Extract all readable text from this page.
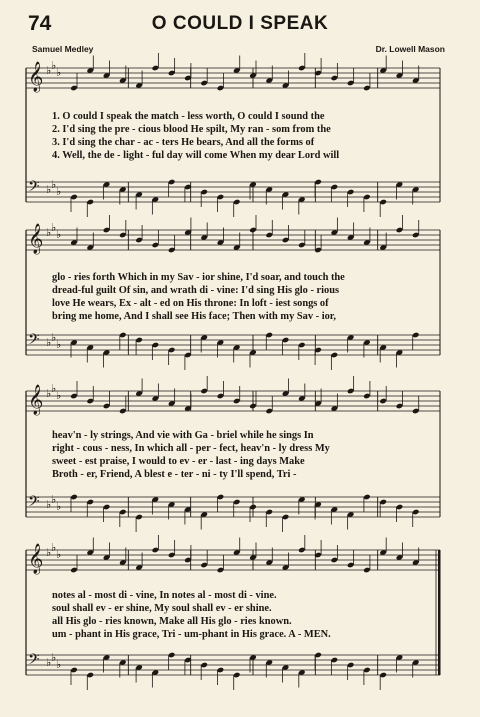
74	O COULD I SPEAK
Samuel Medley	Dr. Lowell Mason
𝄞 ♭ ♭
♭
𝄢 ♭ ♭
♭
𝄞 ♭ ♭
♭
𝄢 ♭ ♭
♭
𝄞 ♭ ♭
♭
𝄢 ♭ ♭
♭
𝄞 ♭ ♭
♭
𝄢 ♭ ♭
♭
1. O could I speak the match - less worth, O could I sound the
2. I'd sing the pre - cious blood He spilt, My ran - som from the
3. I'd sing the char - ac - ters He bears, And all the forms of
4. Well, the de - light - ful day will come When my dear Lord will
glo - ries forth Which in my Sav - ior shine, I'd soar, and touch the
dread-ful guilt Of sin, and wrath di - vine: I'd sing His glo - rious
love He wears, Ex - alt - ed on His throne: In loft - iest songs of
bring me home, And I shall see His face; Then with my Sav - ior,
heav'n - ly strings, And vie with Ga - briel while he sings In
right - cous - ness, In which all - per - fect, heav'n - ly dress My
sweet - est praise, I would to ev - er - last - ing days Make
Broth - er, Friend, A blest e - ter - ni - ty I'll spend, Tri -
notes al - most di - vine, In notes al - most di - vine.
soul shall ev - er shine, My soul shall ev - er shine.
all His glo - ries known, Make all His glo - ries known.
um - phant in His grace, Tri - um-phant in His grace. A - MEN.
